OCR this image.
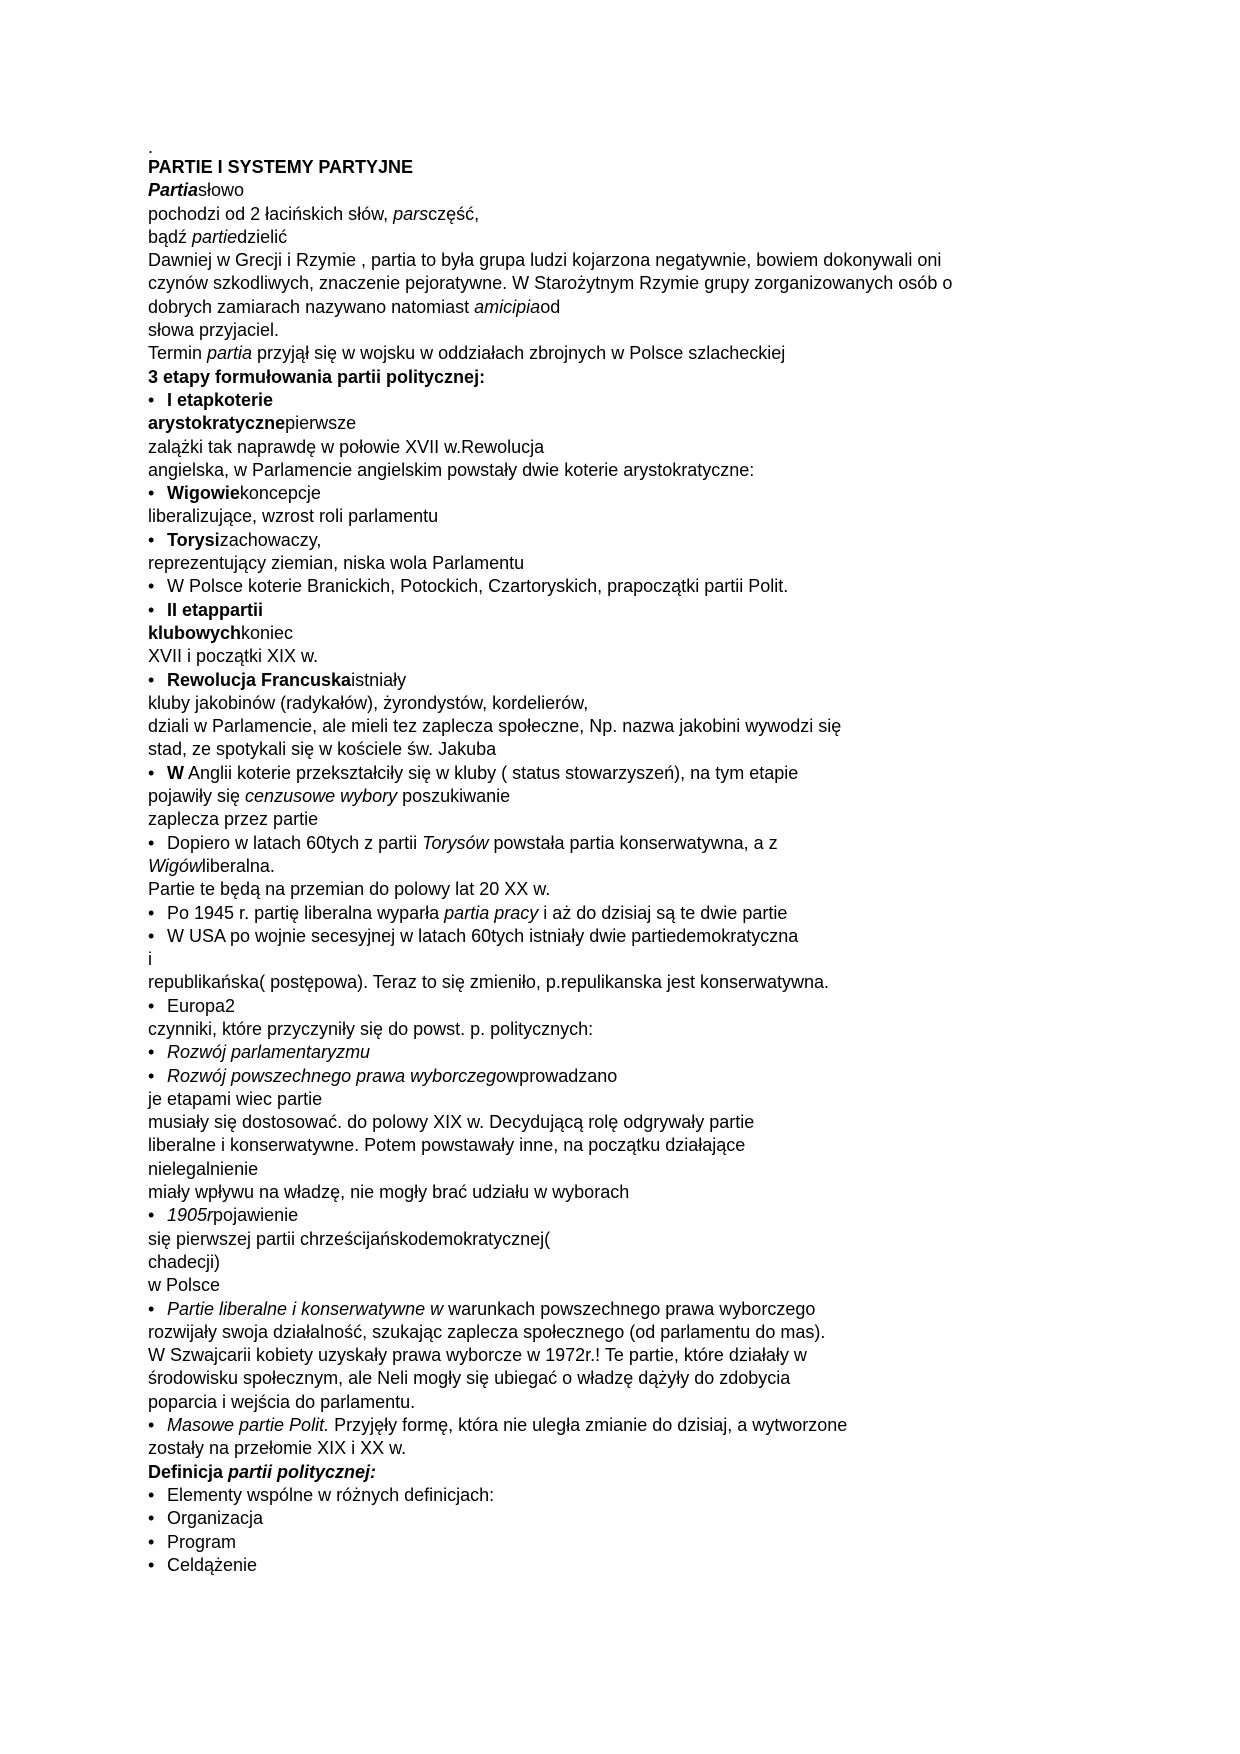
.
PARTIE I SYSTEMY PARTYJNE
Partiasłowo
pochodzi od 2 łacińskich słów, parsczęść,
bądź partiedzielić
Dawniej w Grecji i Rzymie , partia to była grupa ludzi kojarzona negatywnie, bowiem dokonywali oni
czynów szkodliwych, znaczenie pejoratywne. W Starożytnym Rzymie grupy zorganizowanych osób o
dobrych zamiarach nazywano natomiast amicipiaod
słowa przyjaciel.
Termin partia przyjął się w wojsku w oddziałach zbrojnych w Polsce szlacheckiej
3 etapy formułowania partii politycznej:
• I etapkoterie
arystokratycznepierwsze
zalążki tak naprawdę w połowie XVII w.Rewolucja
angielska, w Parlamencie angielskim powstały dwie koterie arystokratyczne:
• Wigowiekoncepcje
liberalizujące, wzrost roli parlamentu
• Torysizachowaczy,
reprezentujący ziemian, niska wola Parlamentu
• W Polsce koterie Branickich, Potockich, Czartoryskich, prapoczątki partii Polit.
• II etappartii
klubowychkoniec
XVII i początki XIX w.
• Rewolucja Francuskaistniały
kluby jakobinów (radykałów), żyrondystów, kordelierów,
dziali w Parlamencie, ale mieli tez zaplecza społeczne, Np. nazwa jakobini wywodzi się
stad, ze spotykali się w kościele św. Jakuba
• W Anglii koterie przekształciły się w kluby ( status stowarzyszeń), na tym etapie
pojawiły się cenzusowe wybory poszukiwanie
zaplecza przez partie
• Dopiero w latach 60tych z partii Torysów powstała partia konserwatywna, a z
Wigówliberalna.
Partie te będą na przemian do polowy lat 20 XX w.
• Po 1945 r. partię liberalna wyparła partia pracy i aż do dzisiaj są te dwie partie
• W USA po wojnie secesyjnej w latach 60tych istniały dwie partiedemokratyczna
i
republikańska( postępowa). Teraz to się zmieniło, p.repulikanska jest konserwatywna.
• Europa2
czynniki, które przyczyniły się do powst. p. politycznych:
• Rozwój parlamentaryzmu
• Rozwój powszechnego prawa wyborczegowprowadzano
je etapami wiec partie
musiały się dostosować. do polowy XIX w. Decydującą rolę odgrywały partie
liberalne i konserwatywne. Potem powstawały inne, na początku działające
nielegalnienie
miały wpływu na władzę, nie mogły brać udziału w wyborach
• 1905rpojawienie
się pierwszej partii chrześcijańskodemokratycznej(
chadecji)
w Polsce
• Partie liberalne i konserwatywne w warunkach powszechnego prawa wyborczego
rozwijały swoja działalność, szukając zaplecza społecznego (od parlamentu do mas).
W Szwajcarii kobiety uzyskały prawa wyborcze w 1972r.! Te partie, które działały w
środowisku społecznym, ale Neli mogły się ubiegać o władzę dążyły do zdobycia
poparcia i wejścia do parlamentu.
• Masowe partie Polit. Przyjęły formę, która nie uległa zmianie do dzisiaj, a wytworzone
zostały na przełomie XIX i XX w.
Definicja partii politycznej:
• Elementy wspólne w różnych definicjach:
• Organizacja
• Program
• Celdążenie
